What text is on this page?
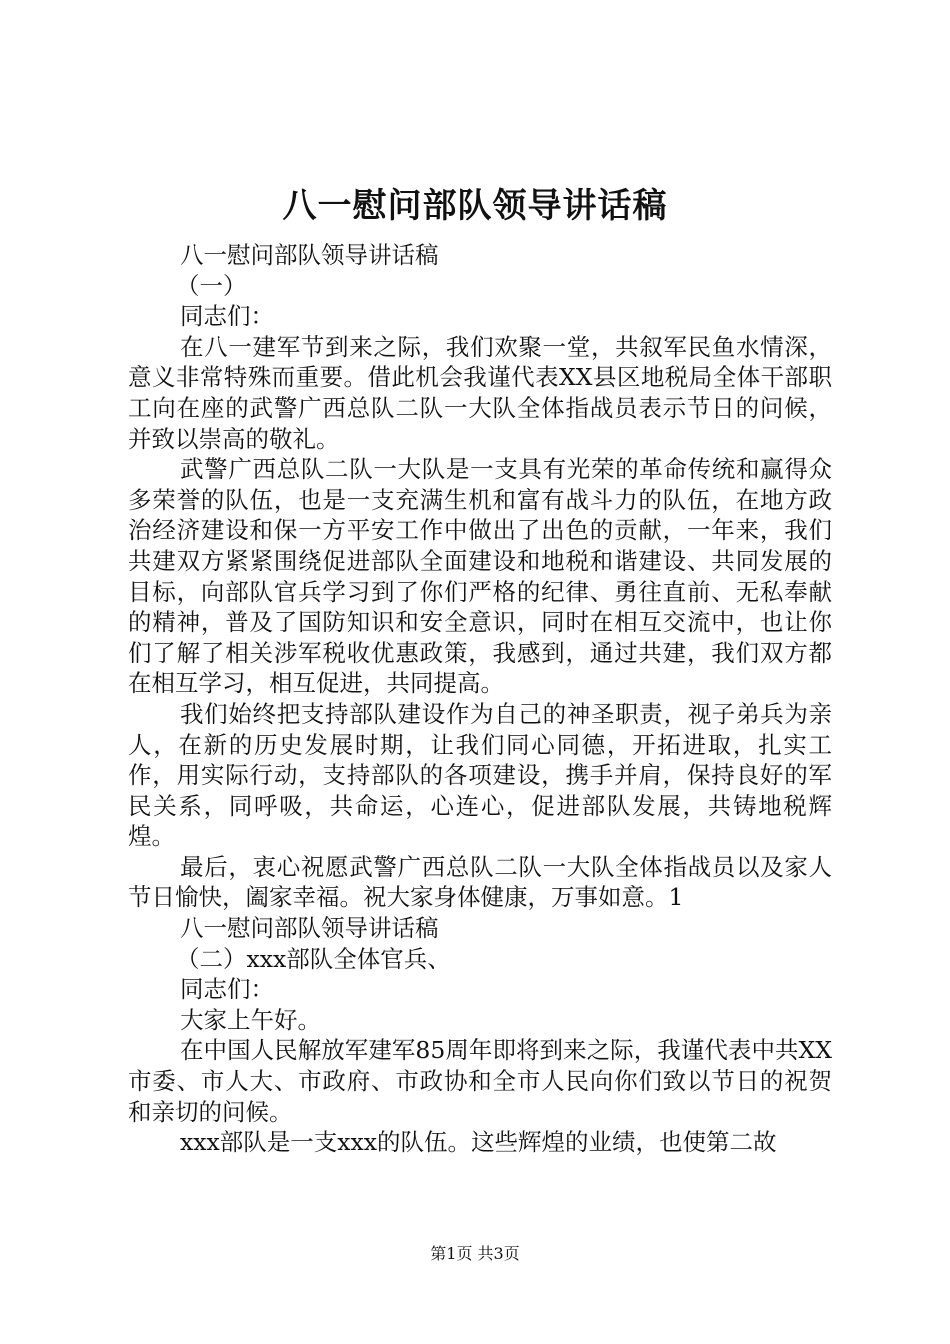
八一慰问部队领导讲话稿

八一慰问部队领导讲话稿

（一）

同志们：

在八一建军节到来之际，我们欢聚一堂，共叙军民鱼水情深，意义非常特殊而重要。借此机会我谨代表XX县区地税局全体干部职工向在座的武警广西总队二队一大队全体指战员表示节日的问候，并致以崇高的敬礼。

武警广西总队二队一大队是一支具有光荣的革命传统和赢得众多荣誉的队伍，也是一支充满生机和富有战斗力的队伍，在地方政治经济建设和保一方平安工作中做出了出色的贡献，一年来，我们共建双方紧紧围绕促进部队全面建设和地税和谐建设、共同发展的目标，向部队官兵学习到了你们严格的纪律、勇往直前、无私奉献的精神，普及了国防知识和安全意识，同时在相互交流中，也让你们了解了相关涉军税收优惠政策，我感到，通过共建，我们双方都在相互学习，相互促进，共同提高。

我们始终把支持部队建设作为自己的神圣职责，视子弟兵为亲人，在新的历史发展时期，让我们同心同德，开拓进取，扎实工作，用实际行动，支持部队的各项建设，携手并肩，保持良好的军民关系，同呼吸，共命运，心连心，促进部队发展，共铸地税辉煌。

最后，衷心祝愿武警广西总队二队一大队全体指战员以及家人节日愉快，阖家幸福。祝大家身体健康，万事如意。1

八一慰问部队领导讲话稿

（二）xxx部队全体官兵、

同志们：

大家上午好。

在中国人民解放军建军85周年即将到来之际，我谨代表中共XX市委、市人大、市政府、市政协和全市人民向你们致以节日的祝贺和亲切的问候。

xxx部队是一支xxx的队伍。这些辉煌的业绩，也使第二故

第1页 共3页
